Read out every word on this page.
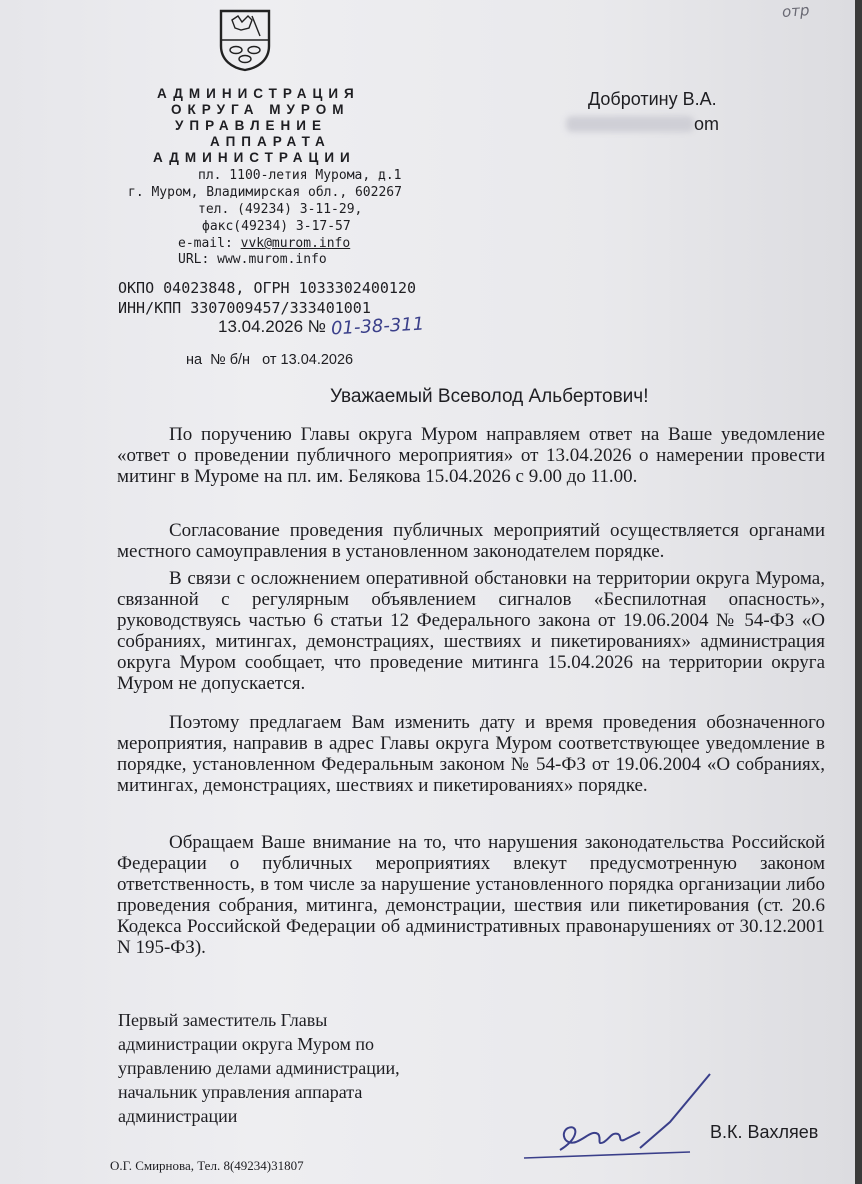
отр
АДМИНИСТРАЦИЯ
ОКРУГА МУРОМ
УПРАВЛЕНИЕ
АППАРАТА
АДМИНИСТРАЦИИ
пл. 1100-летия Мурома, д.1
г. Муром, Владимирская обл., 602267
тел. (49234) 3-11-29,
факс(49234) 3-17-57
e-mail: vvk@murom.info
URL: www.murom.info
ОКПО 04023848, ОГРН 1033302400120
ИНН/КПП 3307009457/333401001
13.04.2026 № 01-38-311
на  № б/н   от 13.04.2026
Добротину В.А.
om
Уважаемый Всеволод Альбертович!

По поручению Главы округа Муром направляем ответ на Ваше уведомление «ответ о проведении публичного мероприятия» от 13.04.2026 о намерении провести митинг в Муроме на пл. им. Белякова 15.04.2026 с 9.00 до 11.00.

Согласование проведения публичных мероприятий осуществляется органами местного самоуправления в установленном законодателем порядке.

В связи с осложнением оперативной обстановки на территории округа Мурома, связанной с регулярным объявлением сигналов «Беспилотная опасность», руководствуясь частью 6 статьи 12 Федерального закона от 19.06.2004 № 54-ФЗ «О собраниях, митингах, демонстрациях, шествиях и пикетированиях» администрация округа Муром сообщает, что проведение митинга 15.04.2026 на территории округа Муром не допускается.

Поэтому предлагаем Вам изменить дату и время проведения обозначенного мероприятия, направив в адрес Главы округа Муром соответствующее уведомление в порядке, установленном Федеральным законом № 54-ФЗ от 19.06.2004 «О собраниях, митингах, демонстрациях, шествиях и пикетированиях» порядке.

Обращаем Ваше внимание на то, что нарушения законодательства Российской Федерации о публичных мероприятиях влекут предусмотренную законом ответственность, в том числе за нарушение установленного порядка организации либо проведения собрания, митинга, демонстрации, шествия или пикетирования (ст. 20.6 Кодекса Российской Федерации об административных правонарушениях от 30.12.2001 N 195-ФЗ).

Первый заместитель Главы
администрации округа Муром по
управлению делами администрации,
начальник управления аппарата
администрации
В.К. Вахляев
О.Г. Смирнова, Тел. 8(49234)31807
